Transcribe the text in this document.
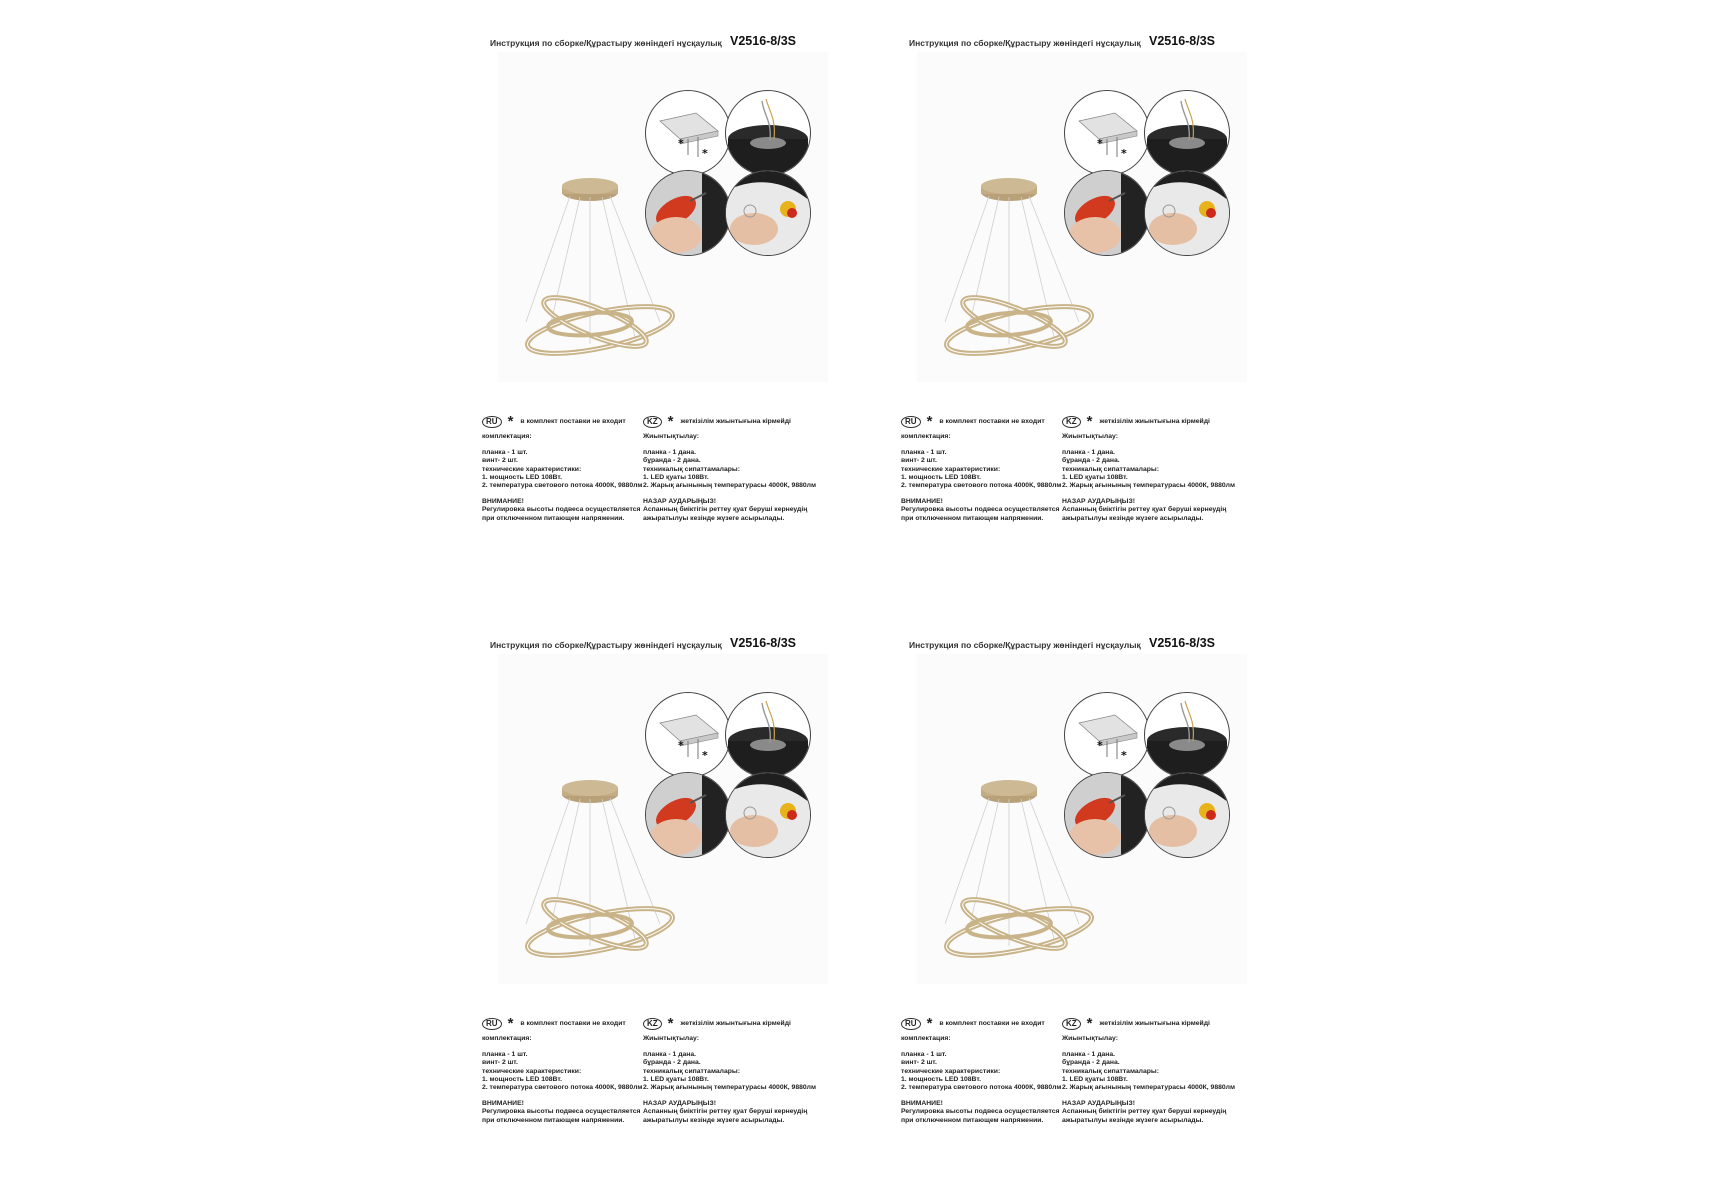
Инструкция по сборке/Құрастыру жөніндегі нұсқаулық V2516-8/3S
*
*
RU * в комплект поставки не входит
комплектация:
планка - 1 шт.
винт- 2 шт.
технические характеристики:
1. мощность LED 108Вт.
2. температура светового потока 4000К, 9880лм
ВНИМАНИЕ!
Регулировка высоты подвеса осуществляется
при отключенном питающем напряжении.
KZ * жеткізілім жиынтығына кірмейді
Жиынтықтылау:
планка - 1 дана.
бұранда - 2 дана.
техникалық сипаттамалары:
1. LED қуаты 108Вт.
2. Жарық ағынының температурасы 4000К, 9880лм
НАЗАР АУДАРЫҢЫЗ!
Аспанның биіктігін реттеу қуат беруші кернеудің
ажыратылуы кезінде жүзеге асырылады.
Инструкция по сборке/Құрастыру жөніндегі нұсқаулық V2516-8/3S
*
*
RU * в комплект поставки не входит
комплектация:
планка - 1 шт.
винт- 2 шт.
технические характеристики:
1. мощность LED 108Вт.
2. температура светового потока 4000К, 9880лм
ВНИМАНИЕ!
Регулировка высоты подвеса осуществляется
при отключенном питающем напряжении.
KZ * жеткізілім жиынтығына кірмейді
Жиынтықтылау:
планка - 1 дана.
бұранда - 2 дана.
техникалық сипаттамалары:
1. LED қуаты 108Вт.
2. Жарық ағынының температурасы 4000К, 9880лм
НАЗАР АУДАРЫҢЫЗ!
Аспанның биіктігін реттеу қуат беруші кернеудің
ажыратылуы кезінде жүзеге асырылады.
Инструкция по сборке/Құрастыру жөніндегі нұсқаулық V2516-8/3S
*
*
RU * в комплект поставки не входит
комплектация:
планка - 1 шт.
винт- 2 шт.
технические характеристики:
1. мощность LED 108Вт.
2. температура светового потока 4000К, 9880лм
ВНИМАНИЕ!
Регулировка высоты подвеса осуществляется
при отключенном питающем напряжении.
KZ * жеткізілім жиынтығына кірмейді
Жиынтықтылау:
планка - 1 дана.
бұранда - 2 дана.
техникалық сипаттамалары:
1. LED қуаты 108Вт.
2. Жарық ағынының температурасы 4000К, 9880лм
НАЗАР АУДАРЫҢЫЗ!
Аспанның биіктігін реттеу қуат беруші кернеудің
ажыратылуы кезінде жүзеге асырылады.
Инструкция по сборке/Құрастыру жөніндегі нұсқаулық V2516-8/3S
*
*
RU * в комплект поставки не входит
комплектация:
планка - 1 шт.
винт- 2 шт.
технические характеристики:
1. мощность LED 108Вт.
2. температура светового потока 4000К, 9880лм
ВНИМАНИЕ!
Регулировка высоты подвеса осуществляется
при отключенном питающем напряжении.
KZ * жеткізілім жиынтығына кірмейді
Жиынтықтылау:
планка - 1 дана.
бұранда - 2 дана.
техникалық сипаттамалары:
1. LED қуаты 108Вт.
2. Жарық ағынының температурасы 4000К, 9880лм
НАЗАР АУДАРЫҢЫЗ!
Аспанның биіктігін реттеу қуат беруші кернеудің
ажыратылуы кезінде жүзеге асырылады.
